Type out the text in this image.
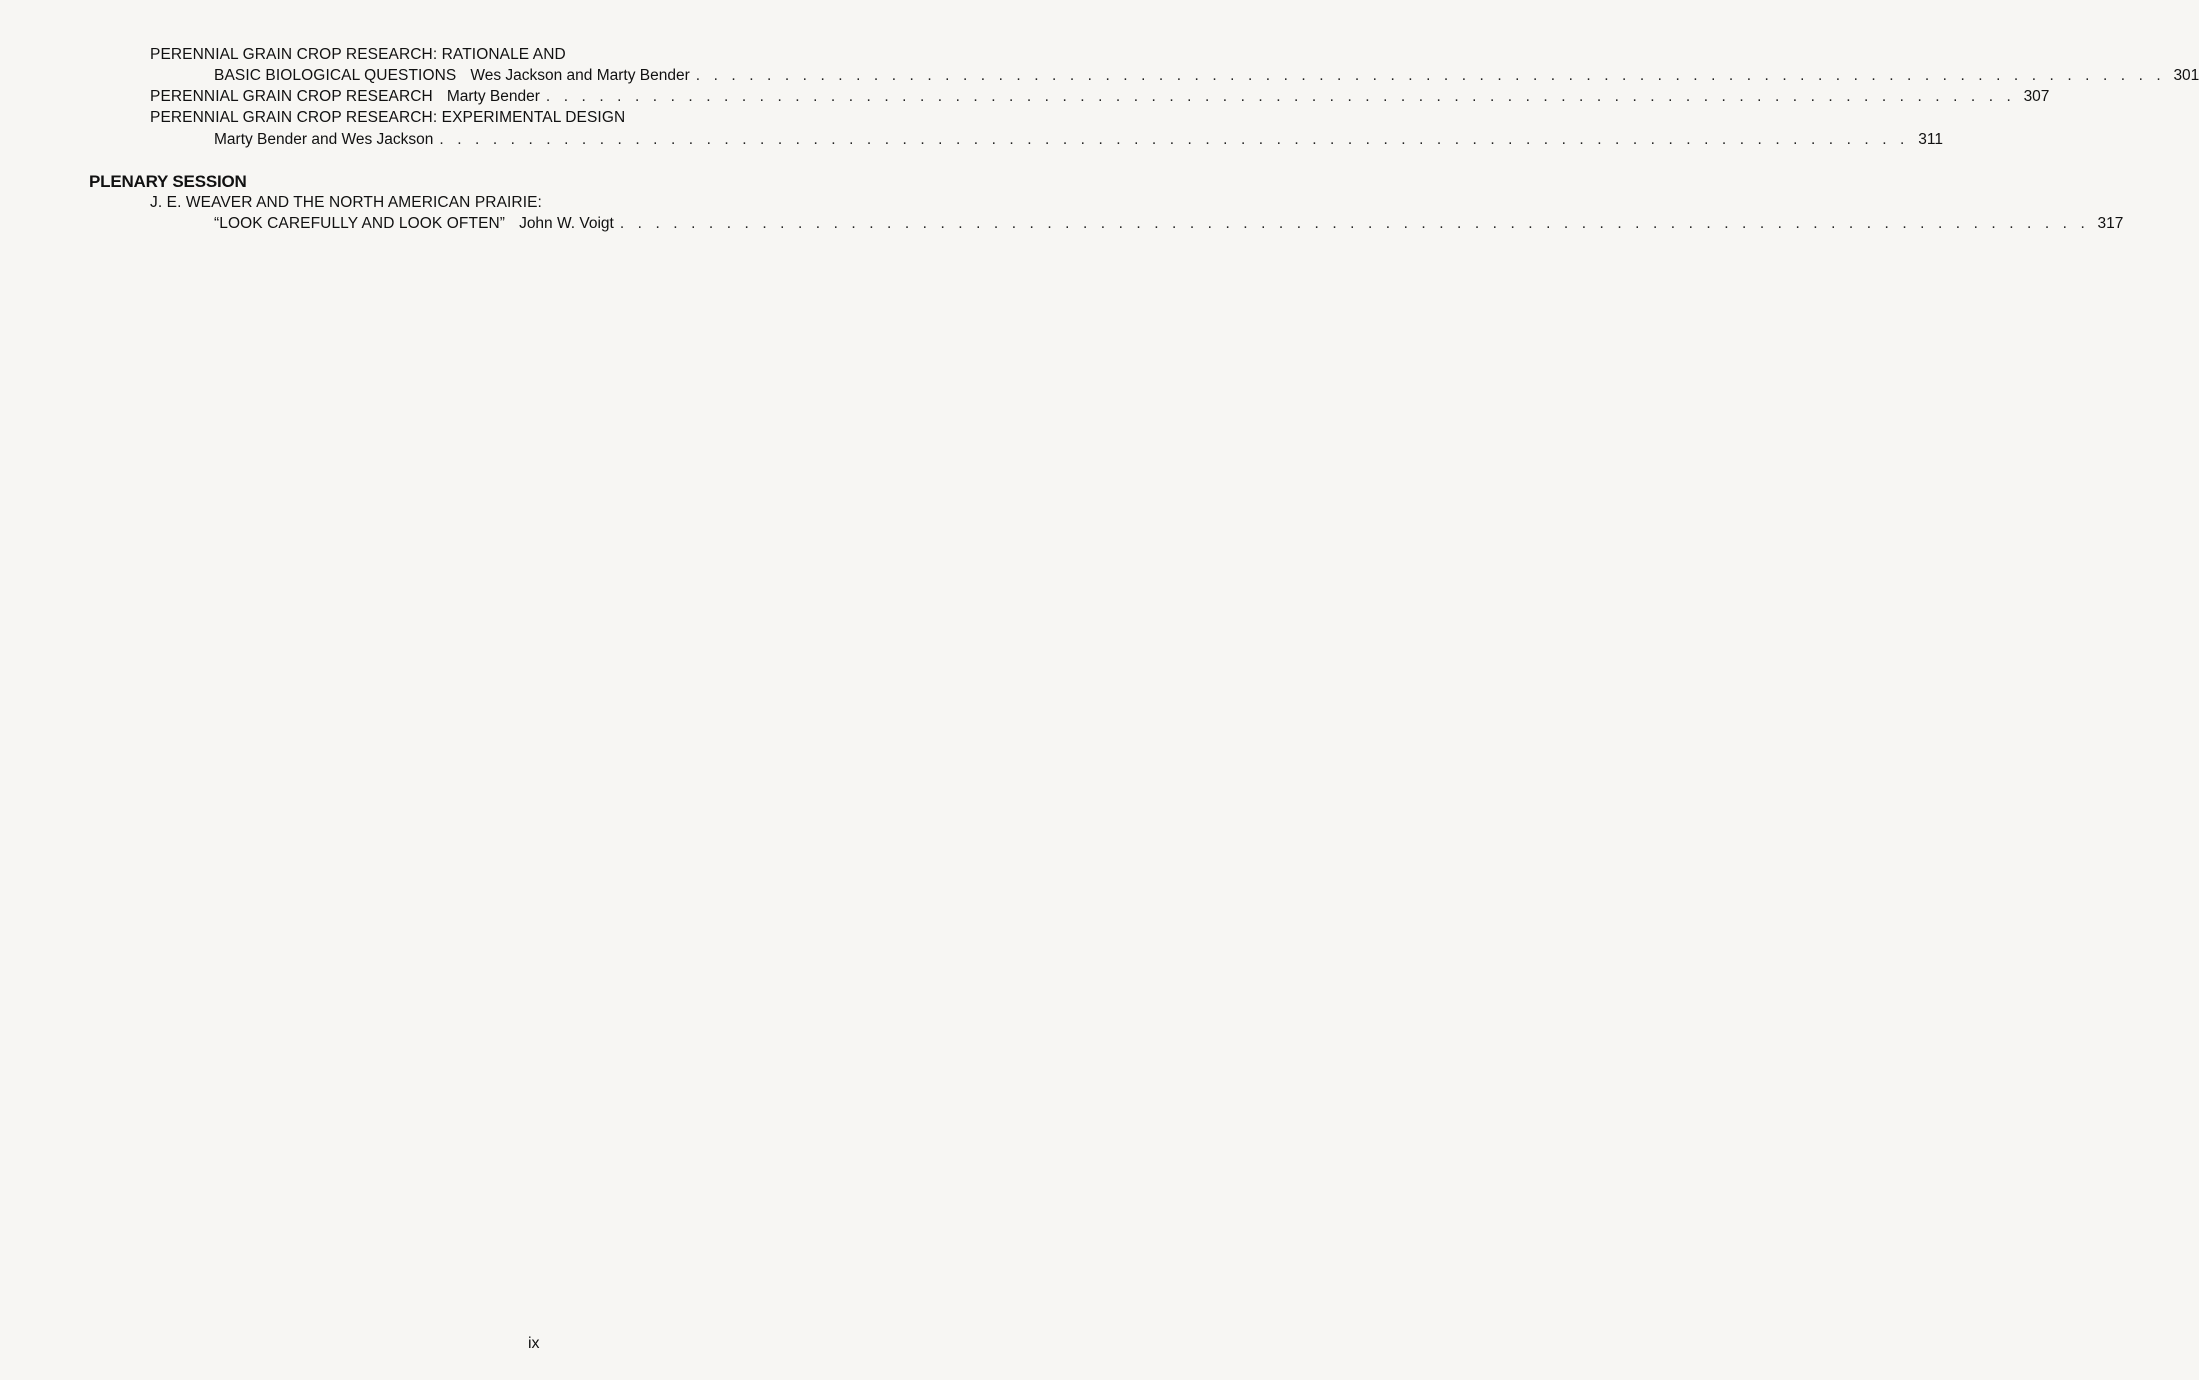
PERENNIAL GRAIN CROP RESEARCH: RATIONALE AND
BASIC BIOLOGICAL QUESTIONS Wes Jackson and Marty Bender . . . . . . . . . . . . . . . . . . . . . . . . . . . . . . . . . . . . . . . . . . . . . . . . . . . . . . . . . . . . . . . . . . . . . . . . . . . . . . . . . . . 301
PERENNIAL GRAIN CROP RESEARCH Marty Bender . . . . . . . . . . . . . . . . . . . . . . . . . . . . . . . . . . . . . . . . . . . . . . . . . . . . . . . . . . . . . . . . . . . . . . . . . . . . . . . . . . . 307
PERENNIAL GRAIN CROP RESEARCH: EXPERIMENTAL DESIGN
Marty Bender and Wes Jackson . . . . . . . . . . . . . . . . . . . . . . . . . . . . . . . . . . . . . . . . . . . . . . . . . . . . . . . . . . . . . . . . . . . . . . . . . . . . . . . . . . . 311
PLENARY SESSION
J. E. WEAVER AND THE NORTH AMERICAN PRAIRIE:
“LOOK CAREFULLY AND LOOK OFTEN” John W. Voigt . . . . . . . . . . . . . . . . . . . . . . . . . . . . . . . . . . . . . . . . . . . . . . . . . . . . . . . . . . . . . . . . . . . . . . . . . . . . . . . . . . . 317
ix
